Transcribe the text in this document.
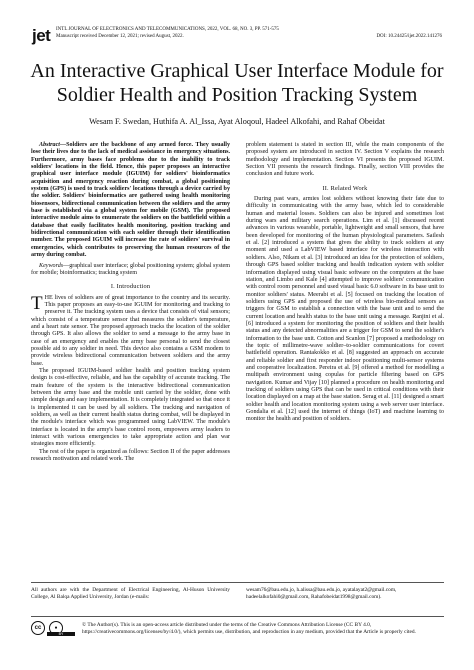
jet INTL JOURNAL OF ELECTRONICS AND TELECOMMUNICATIONS, 2022, VOL. 68, NO. 3, PP. 571-575
Manuscript received December 12, 2021; revised August, 2022.	DOI: 10.24425/ijet.2022.141276
An Interactive Graphical User Interface Module for Soldier Health and Position Tracking System
Wesam F. Swedan, Huthifa A. Al_Issa, Ayat Aloqoul, Hadeel Alkofahi, and Rahaf Obeidat

Abstract—Soldiers are the backbone of any armed force. They usually lose their lives due to the lack of medical assistance in emergency situations. Furthermore, army bases face problems due to the inability to track soldiers' locations in the field. Hence, this paper proposes an interactive graphical user interface module (IGUIM) for soldiers' bioinformatics acquisition and emergency reaction during combat, a global positioning system (GPS) is used to track soldiers' locations through a device carried by the soldier. Soldiers' bioinformatics are gathered using health monitoring biosensors, bidirectional communication between the soldiers and the army base is established via a global system for mobile (GSM). The proposed interactive module aims to enumerate the soldiers on the battlefield within a database that easily facilitates health monitoring, position tracking and bidirectional communication with each soldier through their identification number. The proposed IGUIM will increase the rate of soldiers' survival in emergencies, which contributes to preserving the human resources of the army during combat.

Keywords—graphical user interface; global positioning system; global system for mobile; bioinformatics; tracking system

I. Introduction

THE lives of soldiers are of great importance to the country and its security. This paper proposes an easy-to-use IGUIM for monitoring and tracking to preserve it. The tracking system uses a device that consists of vital sensors; which consist of a temperature sensor that measures the soldier's temperature, and a heart rate sensor. The proposed approach tracks the location of the soldier through GPS. It also allows the soldier to send a message to the army base in case of an emergency and enables the army base personal to send the closest possible aid to any soldier in need. This device also contains a GSM modem to provide wireless bidirectional communication between soldiers and the army base.

The proposed IGUIM-based soldier health and position tracking system design is cost-effective, reliable, and has the capability of accurate tracking. The main feature of the system is the interactive bidirectional communication between the army base and the mobile unit carried by the soldier, done with simple design and easy implementation. It is completely integrated so that once it is implemented it can be used by all soldiers. The tracking and navigation of soldiers, as well as their current health status during combat, will be displayed in the module's interface which was programmed using LabVIEW. The module's interface is located in the army's base control room, empowers army leaders to interact with various emergencies to take appropriate action and plan war strategies more efficiently.

The rest of the paper is organized as follows: Section II of the paper addresses research motivation and related work. The

problem statement is stated in section III, while the main components of the proposed system are introduced in section IV. Section V explains the research methodology and implementation. Section VI presents the proposed IGUIM. Section VII presents the research findings. Finally, section VIII provides the conclusion and future work.

II. Related Work

During past wars, armies lost soldiers without knowing their fate due to difficulty in communicating with the army base, which led to considerable human and material losses. Soldiers can also be injured and sometimes lost during wars and military search operations. Lim et al. [1] discussed recent advances in various wearable, portable, lightweight and small sensors, that have been developed for monitoring of the human physiological parameters. Sailesh et al. [2] introduced a system that gives the ability to track soldiers at any moment and used a LabVIEW based interface for wireless interaction with soldiers. Also, Nikam et al. [3] introduced an idea for the protection of soldiers, through GPS based soldier tracking and health indication system with soldier information displayed using visual basic software on the computers at the base station, and Limbo and Kale [4] attempted to improve soldiers' communication with control room personnel and used visual basic 6.0 software in its base unit to monitor soldiers' status. Meerabi et al. [5] focused on tracking the location of soldiers using GPS and proposed the use of wireless bio-medical sensors as triggers for GSM to establish a connection with the base unit and to send the current location and health status to the base unit using a message. Ranjini et al. [6] introduced a system for monitoring the position of soldiers and their health status and any detected abnormalities are a trigger for GSM to send the soldier's information to the base unit. Cotton and Scanlon [7] proposed a methodology on the topic of millimetre-wave soldier–to-soldier communications for covert battlefield operation. Rantakokko et al. [8] suggested an approach on accurate and reliable soldier and first responder indoor positioning multi-sensor systems and cooperative localization. Pereira et al. [9] offered a method for modelling a multipath environment using copulas for particle filtering based on GPS navigation. Kumar and Vijay [10] planned a procedure on health monitoring and tracking of soldiers using GPS that can be used in critical conditions with their location displayed on a map at the base station. Serag et al. [11] designed a smart soldier health and location monitoring system using a web server user interface. Gondalia et al. [12] used the internet of things (IoT) and machine learning to monitor the health and position of soldiers.

All authors are with the Department of Electrical Engineering, Al-Huson University College, Al Balqa Applied University, Jordan (e-mails:
wesam76@bau.edu.jo, h.alissa@bau.edu.jo, ayatalayat2@gmail.com, hadeelalkofahi0@gmail.com, Rahafobeidat1998@gmail.com).
cc	●
BY
© The Author(s). This is an open-access article distributed under the terms of the Creative Commons Attribution License (CC BY 4.0, https://creativecommons.org/licenses/by/4.0/), which permits use, distribution, and reproduction in any medium, provided that the Article is properly cited.
